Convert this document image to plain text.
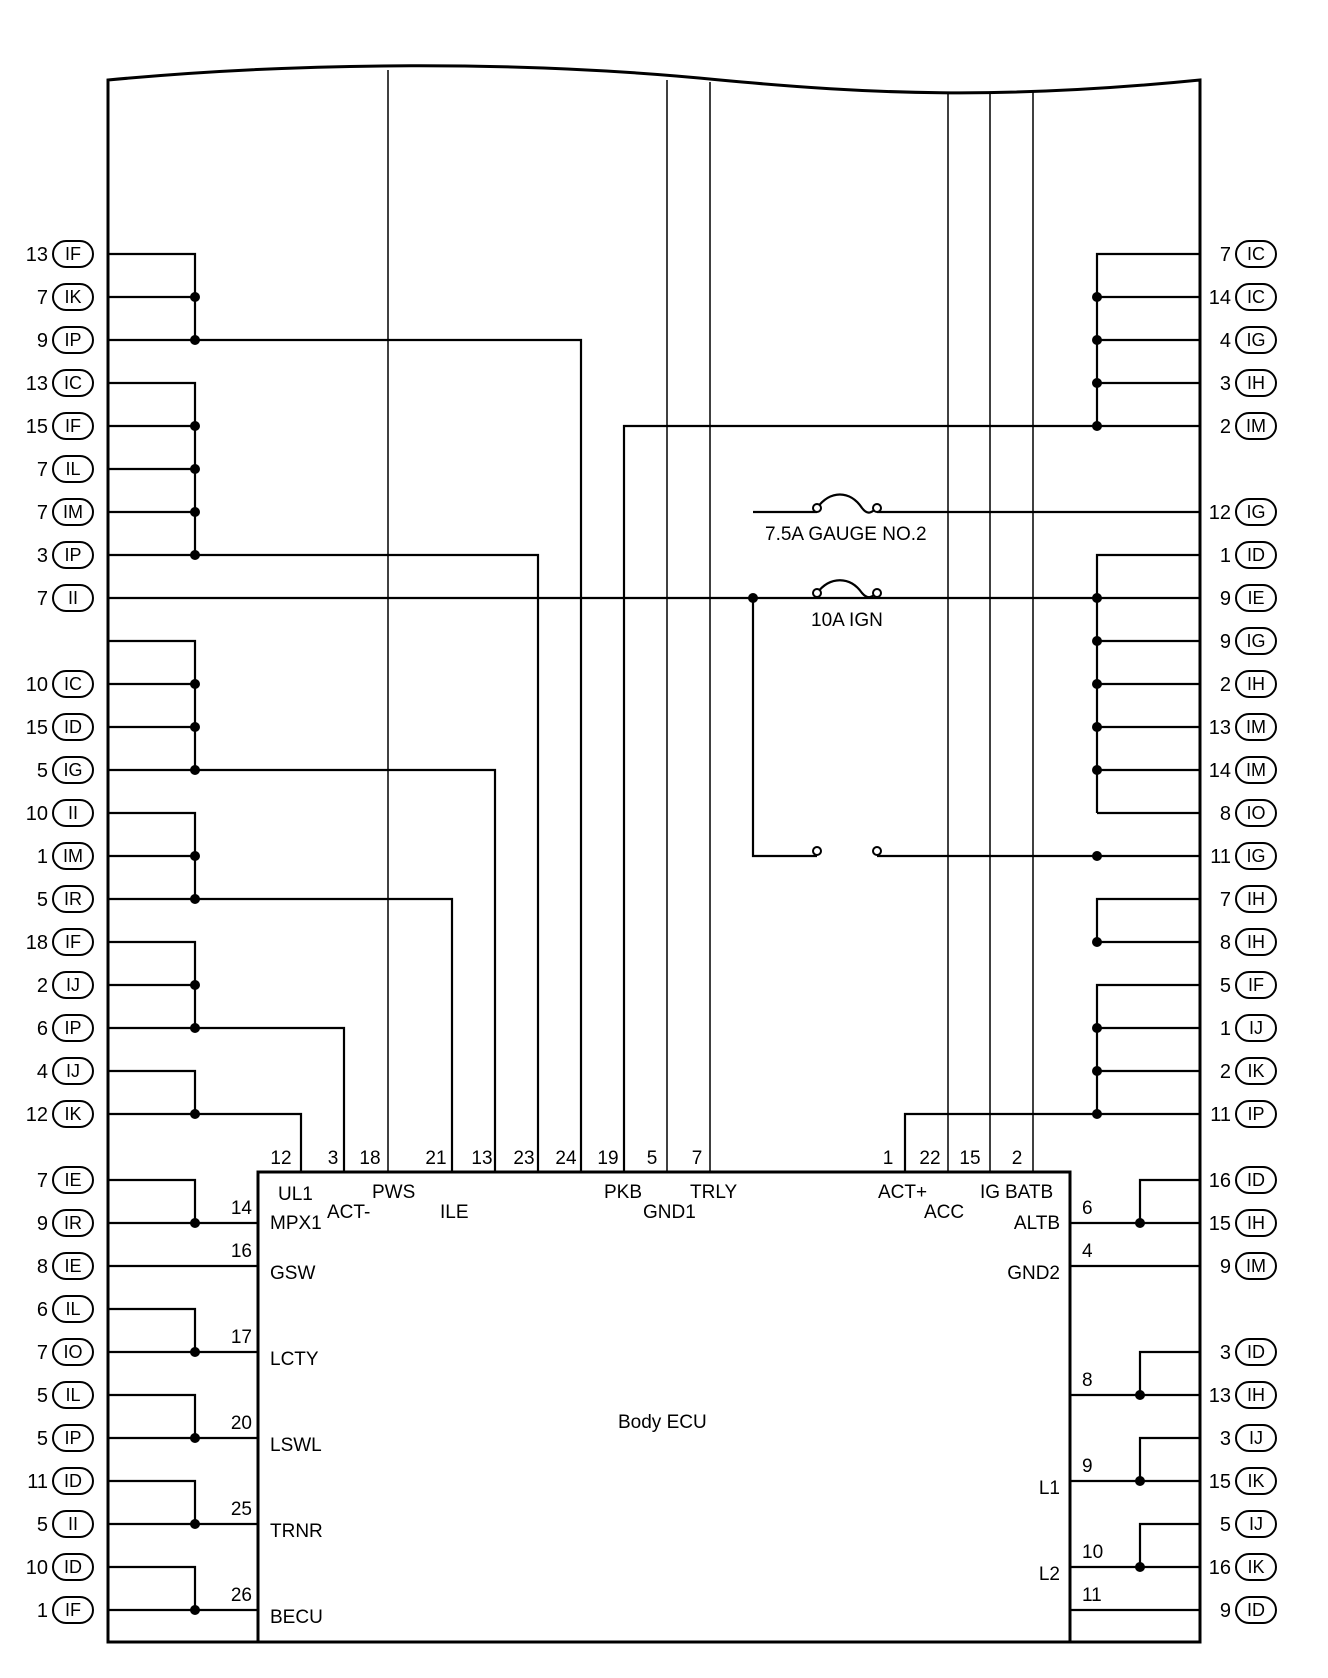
13 IF
7 IK
9 IP
13 IC
15 IF
7 IL
7 IM
3 IP
7 II
10 IC
15 ID
5 IG
10 II
1 IM
5 IR
18 IF
2 IJ
6 IP
4 IJ
12 IK
7 IE
9 IR
8 IE
6 IL
7 IO
5 IL
5 IP
11 ID
5 II
10 ID
1 IF
7 IC
14 IC
4 IG
3 IH
2 IM
12 IG
1 ID
9 IE
9 IG
2 IH
13 IM
14 IM
8 IO
11 IG
7 IH
8 IH
5 IF
1 IJ
2 IK
11 IP
16 ID
15 IH
9 IM
3 ID
13 IH
3 IJ
15 IK
5 IJ
16 IK
9 ID
12
UL1
3
ACT-
18
PWS
21
ILE
13 23 24 19
PKB
5
GND1
7
TRLY
1
ACT+
22
ACC
15
IG
2
BATB
14
MPX1
16
GSW
17
LCTY
20
LSWL
25
TRNR
26
BECU
6
ALTB
4
GND2
8
9
L1
10
L2
11
7.5A GAUGE NO.2
10A IGN
Body ECU
